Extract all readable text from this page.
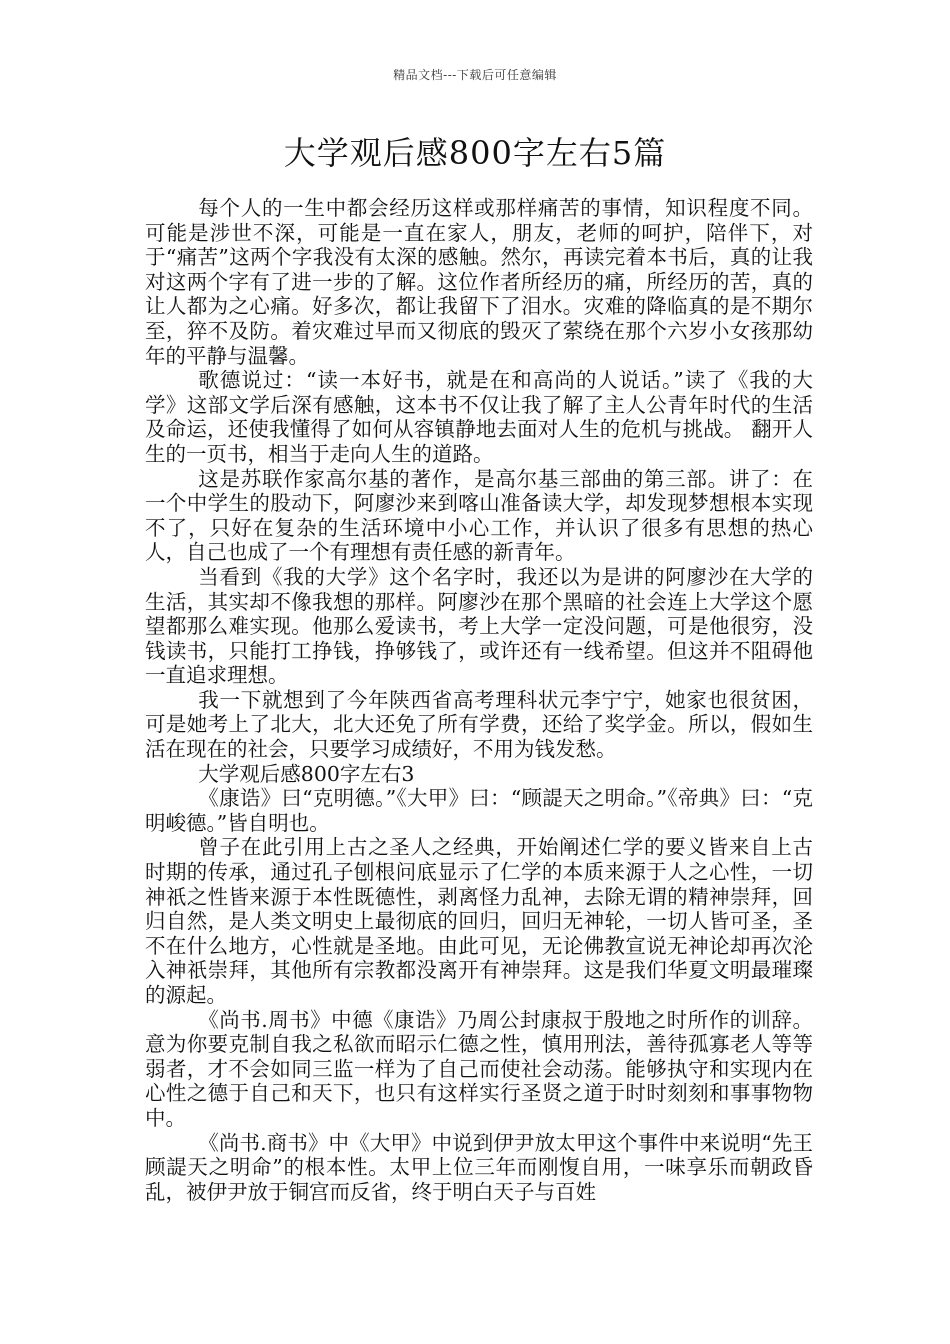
精品文档---下载后可任意编辑
大学观后感800字左右5篇

每个人的一生中都会经历这样或那样痛苦的事情，知识程度不同。可能是涉世不深，可能是一直在家人，朋友，老师的呵护，陪伴下，对于“痛苦”这两个字我没有太深的感触。然尔，再读完着本书后，真的让我对这两个字有了进一步的了解。这位作者所经历的痛，所经历的苦，真的让人都为之心痛。好多次，都让我留下了泪水。灾难的降临真的是不期尔至，猝不及防。着灾难过早而又彻底的毁灭了萦绕在那个六岁小女孩那幼年的平静与温馨。

歌德说过：“读一本好书，就是在和高尚的人说话。”读了《我的大学》这部文学后深有感触，这本书不仅让我了解了主人公青年时代的生活及命运，还使我懂得了如何从容镇静地去面对人生的危机与挑战。 翻开人生的一页书，相当于走向人生的道路。

这是苏联作家高尔基的著作，是高尔基三部曲的第三部。讲了：在一个中学生的股动下，阿廖沙来到喀山准备读大学，却发现梦想根本实现不了，只好在复杂的生活环境中小心工作，并认识了很多有思想的热心人，自己也成了一个有理想有责任感的新青年。

当看到《我的大学》这个名字时，我还以为是讲的阿廖沙在大学的生活，其实却不像我想的那样。阿廖沙在那个黑暗的社会连上大学这个愿望都那么难实现。他那么爱读书，考上大学一定没问题，可是他很穷，没钱读书，只能打工挣钱，挣够钱了，或许还有一线希望。但这并不阻碍他一直追求理想。

我一下就想到了今年陕西省高考理科状元李宁宁，她家也很贫困，可是她考上了北大，北大还免了所有学费，还给了奖学金。所以，假如生活在现在的社会，只要学习成绩好，不用为钱发愁。

大学观后感800字左右3

《康诰》曰“克明德。”《大甲》曰：“顾諟天之明命。”《帝典》曰：“克明峻德。”皆自明也。

曾子在此引用上古之圣人之经典，开始阐述仁学的要义皆来自上古时期的传承，通过孔子刨根问底显示了仁学的本质来源于人之心性，一切神祇之性皆来源于本性既德性，剥离怪力乱神，去除无谓的精神崇拜，回归自然，是人类文明史上最彻底的回归，回归无神轮，一切人皆可圣，圣不在什么地方，心性就是圣地。由此可见，无论佛教宣说无神论却再次沦入神祇崇拜，其他所有宗教都没离开有神崇拜。这是我们华夏文明最璀璨的源起。

《尚书.周书》中德《康诰》乃周公封康叔于殷地之时所作的训辞。意为你要克制自我之私欲而昭示仁德之性，慎用刑法，善待孤寡老人等等弱者，才不会如同三监一样为了自己而使社会动荡。能够执守和实现内在心性之德于自己和天下，也只有这样实行圣贤之道于时时刻刻和事事物物中。

《尚书.商书》中《大甲》中说到伊尹放太甲这个事件中来说明“先王顾諟天之明命”的根本性。太甲上位三年而刚愎自用，一味享乐而朝政昏乱，被伊尹放于铜宫而反省，终于明白天子与百姓
